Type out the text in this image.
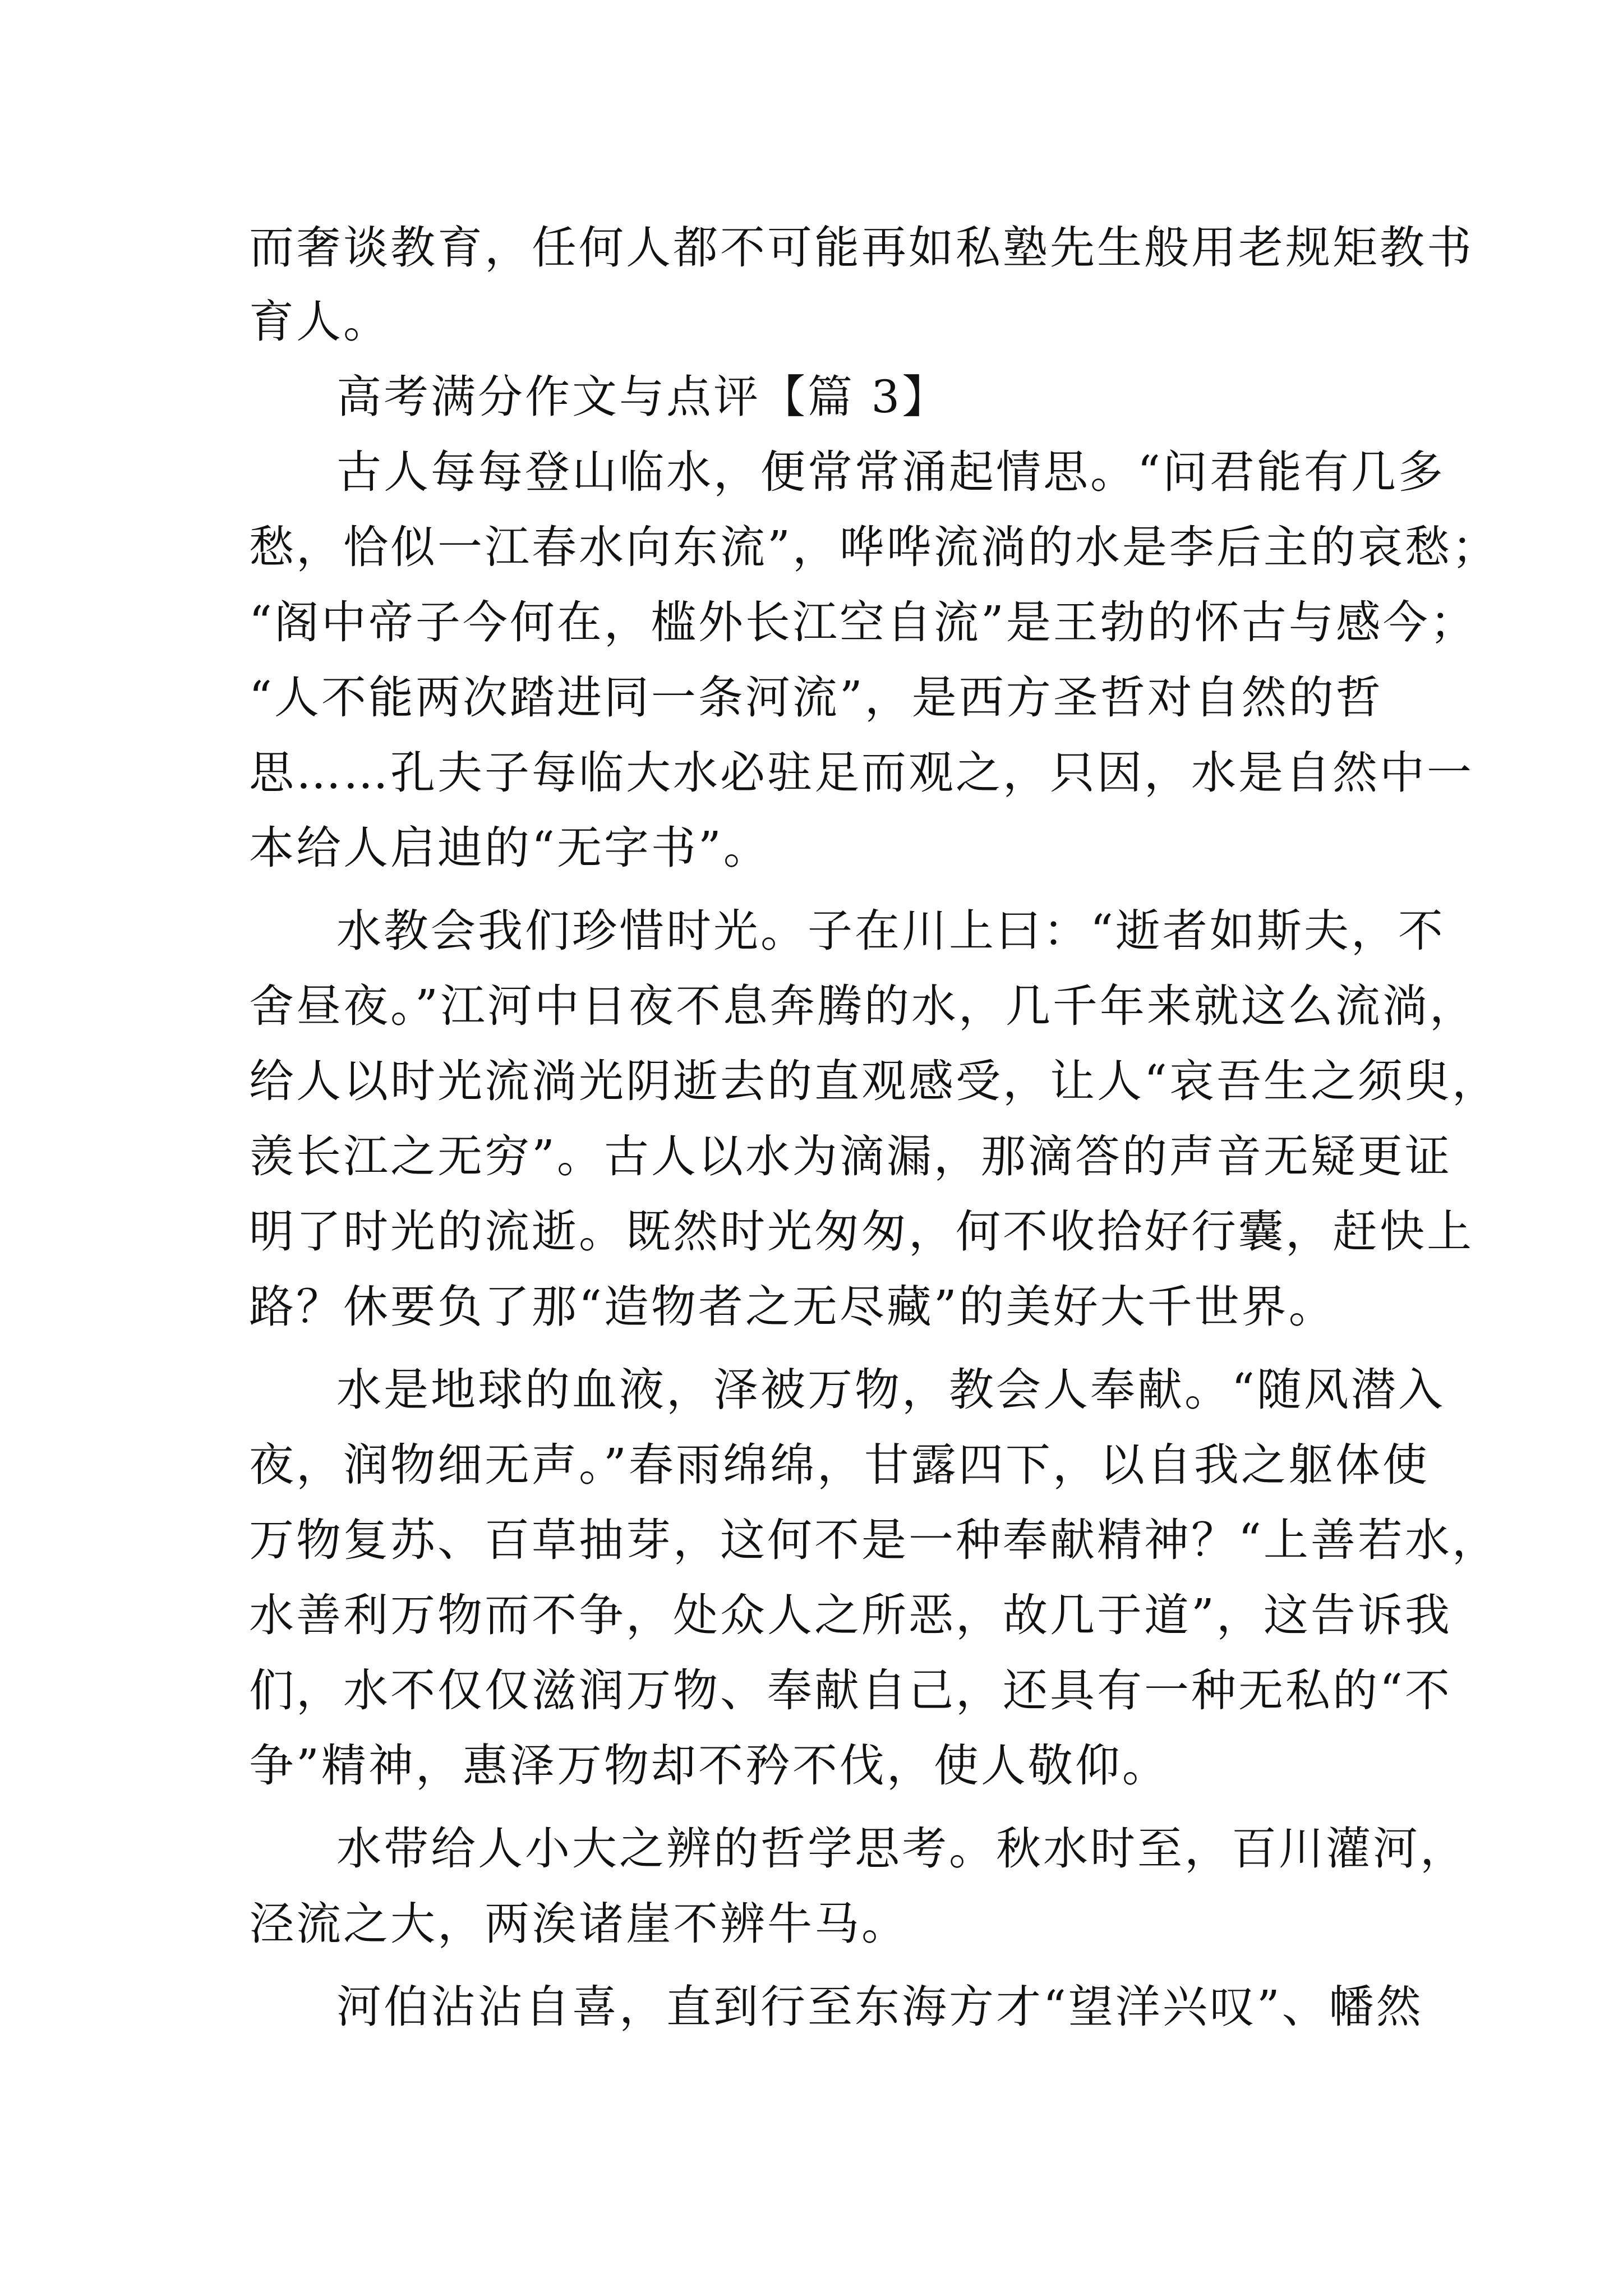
而奢谈教育，任何人都不可能再如私塾先生般用老规矩教书
育人。
高考满分作文与点评【篇 3】
古人每每登山临水，便常常涌起情思。“问君能有几多
愁，恰似一江春水向东流”，哗哗流淌的水是李后主的哀愁；
“阁中帝子今何在，槛外长江空自流”是王勃的怀古与感今；
“人不能两次踏进同一条河流”，是西方圣哲对自然的哲
思……孔夫子每临大水必驻足而观之，只因，水是自然中一
本给人启迪的“无字书”。
水教会我们珍惜时光。子在川上曰：“逝者如斯夫，不
舍昼夜。”江河中日夜不息奔腾的水，几千年来就这么流淌，
给人以时光流淌光阴逝去的直观感受，让人“哀吾生之须臾，
羡长江之无穷”。古人以水为滴漏，那滴答的声音无疑更证
明了时光的流逝。既然时光匆匆，何不收拾好行囊，赶快上
路？休要负了那“造物者之无尽藏”的美好大千世界。
水是地球的血液，泽被万物，教会人奉献。“随风潜入
夜，润物细无声。”春雨绵绵，甘露四下，以自我之躯体使
万物复苏、百草抽芽，这何不是一种奉献精神？“上善若水，
水善利万物而不争，处众人之所恶，故几于道”，这告诉我
们，水不仅仅滋润万物、奉献自己，还具有一种无私的“不
争”精神，惠泽万物却不矜不伐，使人敬仰。
水带给人小大之辨的哲学思考。秋水时至，百川灌河，
泾流之大，两涘诸崖不辨牛马。
河伯沾沾自喜，直到行至东海方才“望洋兴叹”、幡然
